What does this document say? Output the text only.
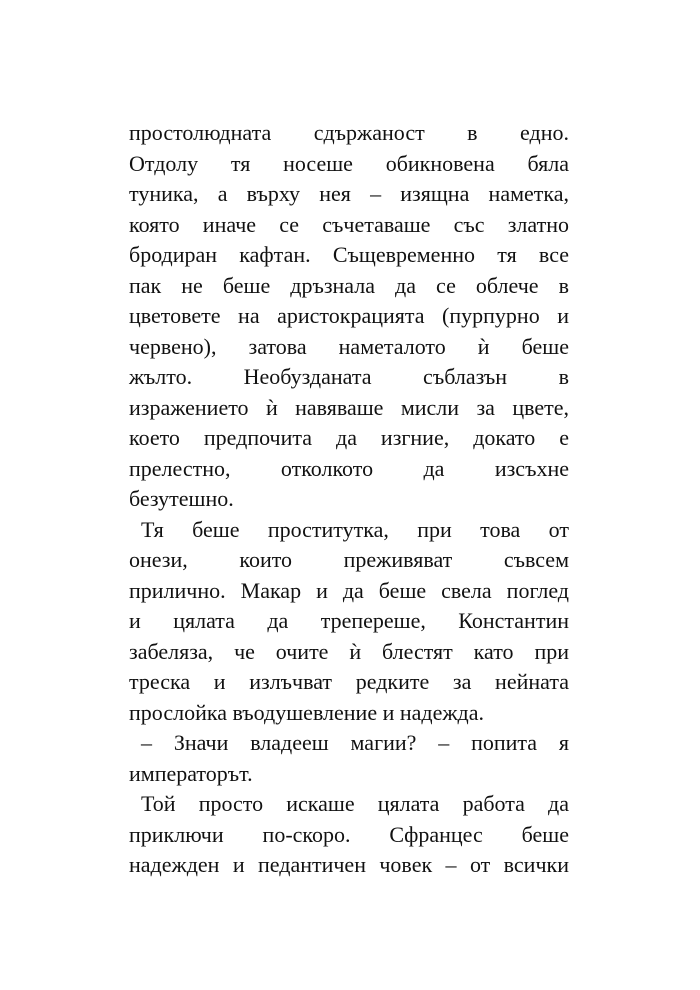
простолюдната сдържаност в едно.
Отдолу тя носеше обикновена бяла
туника, а върху нея – изящна наметка,
която иначе се съчетаваше със златно
бродиран кафтан. Същевременно тя все
пак не беше дръзнала да се облече в
цветовете на аристокрацията (пурпурно и
червено), затова наметалото ѝ беше
жълто. Необузданата съблазън в
изражението ѝ навяваше мисли за цвете,
което предпочита да изгние, докато е
прелестно, отколкото да изсъхне
безутешно.

Тя беше проститутка, при това от
онези, които преживяват съвсем
прилично. Макар и да беше свела поглед
и цялата да трепереше, Константин
забеляза, че очите ѝ блестят като при
треска и излъчват редките за нейната
прослойка въодушевление и надежда.

– Значи владееш магии? – попита я
императорът.

Той просто искаше цялата работа да
приключи по-скоро. Сфранцес беше
надежден и педантичен човек – от всички
